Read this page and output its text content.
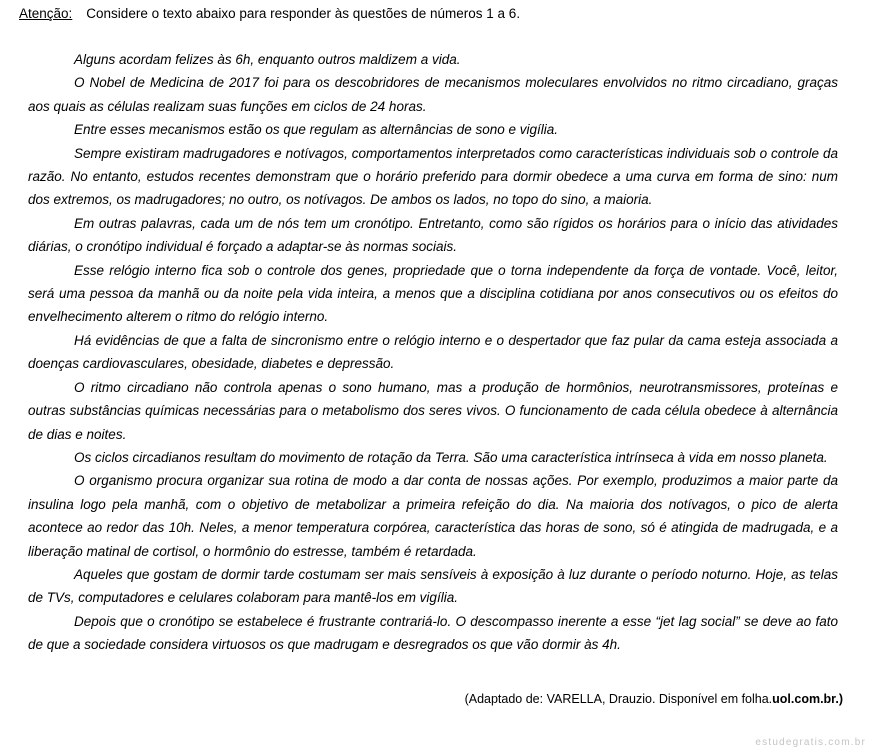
Atenção: Considere o texto abaixo para responder às questões de números 1 a 6.

Alguns acordam felizes às 6h, enquanto outros maldizem a vida.

O Nobel de Medicina de 2017 foi para os descobridores de mecanismos moleculares envolvidos no ritmo circadiano, graças aos quais as células realizam suas funções em ciclos de 24 horas.

Entre esses mecanismos estão os que regulam as alternâncias de sono e vigília.

Sempre existiram madrugadores e notívagos, comportamentos interpretados como características individuais sob o controle da razão. No entanto, estudos recentes demonstram que o horário preferido para dormir obedece a uma curva em forma de sino: num dos extremos, os madrugadores; no outro, os notívagos. De ambos os lados, no topo do sino, a maioria.

Em outras palavras, cada um de nós tem um cronótipo. Entretanto, como são rígidos os horários para o início das atividades diárias, o cronótipo individual é forçado a adaptar-se às normas sociais.

Esse relógio interno fica sob o controle dos genes, propriedade que o torna independente da força de vontade. Você, leitor, será uma pessoa da manhã ou da noite pela vida inteira, a menos que a disciplina cotidiana por anos consecutivos ou os efeitos do envelhecimento alterem o ritmo do relógio interno.

Há evidências de que a falta de sincronismo entre o relógio interno e o despertador que faz pular da cama esteja associada a doenças cardiovasculares, obesidade, diabetes e depressão.

O ritmo circadiano não controla apenas o sono humano, mas a produção de hormônios, neurotransmissores, proteínas e outras substâncias químicas necessárias para o metabolismo dos seres vivos. O funcionamento de cada célula obedece à alternância de dias e noites.

Os ciclos circadianos resultam do movimento de rotação da Terra. São uma característica intrínseca à vida em nosso planeta.

O organismo procura organizar sua rotina de modo a dar conta de nossas ações. Por exemplo, produzimos a maior parte da insulina logo pela manhã, com o objetivo de metabolizar a primeira refeição do dia. Na maioria dos notívagos, o pico de alerta acontece ao redor das 10h. Neles, a menor temperatura corpórea, característica das horas de sono, só é atingida de madrugada, e a liberação matinal de cortisol, o hormônio do estresse, também é retardada.

Aqueles que gostam de dormir tarde costumam ser mais sensíveis à exposição à luz durante o período noturno. Hoje, as telas de TVs, computadores e celulares colaboram para mantê-los em vigília.

Depois que o cronótipo se estabelece é frustrante contrariá-lo. O descompasso inerente a esse “jet lag social” se deve ao fato de que a sociedade considera virtuosos os que madrugam e desregrados os que vão dormir às 4h.

(Adaptado de: VARELLA, Drauzio. Disponível em folha.uol.com.br.)
estudegratis.com.br
